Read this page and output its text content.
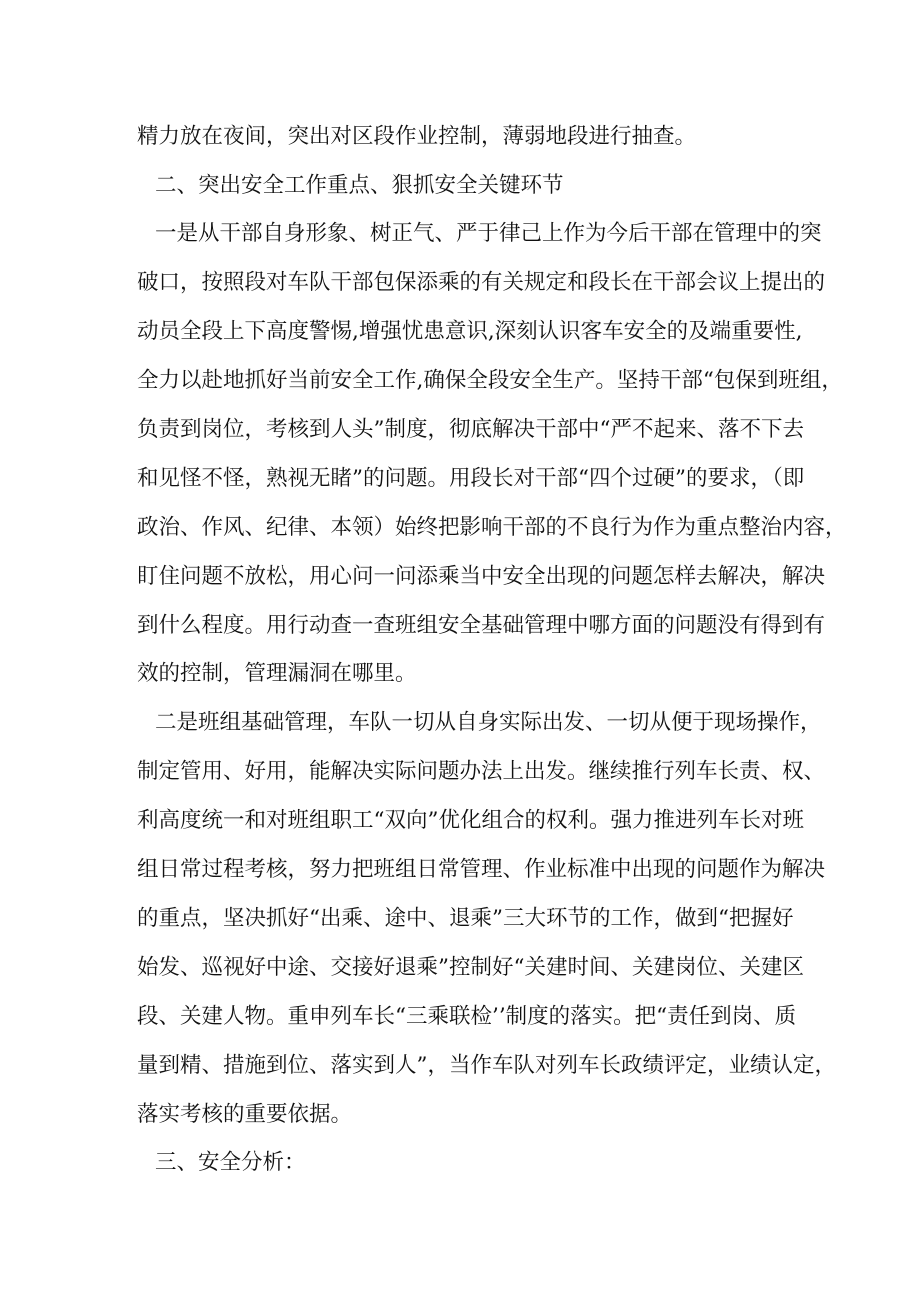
精力放在夜间，突出对区段作业控制，薄弱地段进行抽查。

二、突出安全工作重点、狠抓安全关键环节

一是从干部自身形象、树正气、严于律己上作为今后干部在管理中的突

破口，按照段对车队干部包保添乘的有关规定和段长在干部会议上提出的

动员全段上下高度警惕,增强忧患意识,深刻认识客车安全的及端重要性,

全力以赴地抓好当前安全工作,确保全段安全生产。坚持干部“包保到班组，

负责到岗位，考核到人头”制度，彻底解决干部中“严不起来、落不下去

和见怪不怪，熟视无睹”的问题。用段长对干部“四个过硬”的要求，（即

政治、作风、纪律、本领）始终把影响干部的不良行为作为重点整治内容，

盯住问题不放松，用心问一问添乘当中安全出现的问题怎样去解决，解决

到什么程度。用行动查一查班组安全基础管理中哪方面的问题没有得到有

效的控制，管理漏洞在哪里。

二是班组基础管理，车队一切从自身实际出发、一切从便于现场操作，

制定管用、好用，能解决实际问题办法上出发。继续推行列车长责、权、

利高度统一和对班组职工“双向”优化组合的权利。强力推进列车长对班

组日常过程考核，努力把班组日常管理、作业标准中出现的问题作为解决

的重点，坚决抓好“出乘、途中、退乘”三大环节的工作，做到“把握好

始发、巡视好中途、交接好退乘”控制好“关建时间、关建岗位、关建区

段、关建人物。重申列车长“三乘联检’’制度的落实。把“责任到岗、质

量到精、措施到位、落实到人”，当作车队对列车长政绩评定，业绩认定，

落实考核的重要依据。

三、安全分析：
